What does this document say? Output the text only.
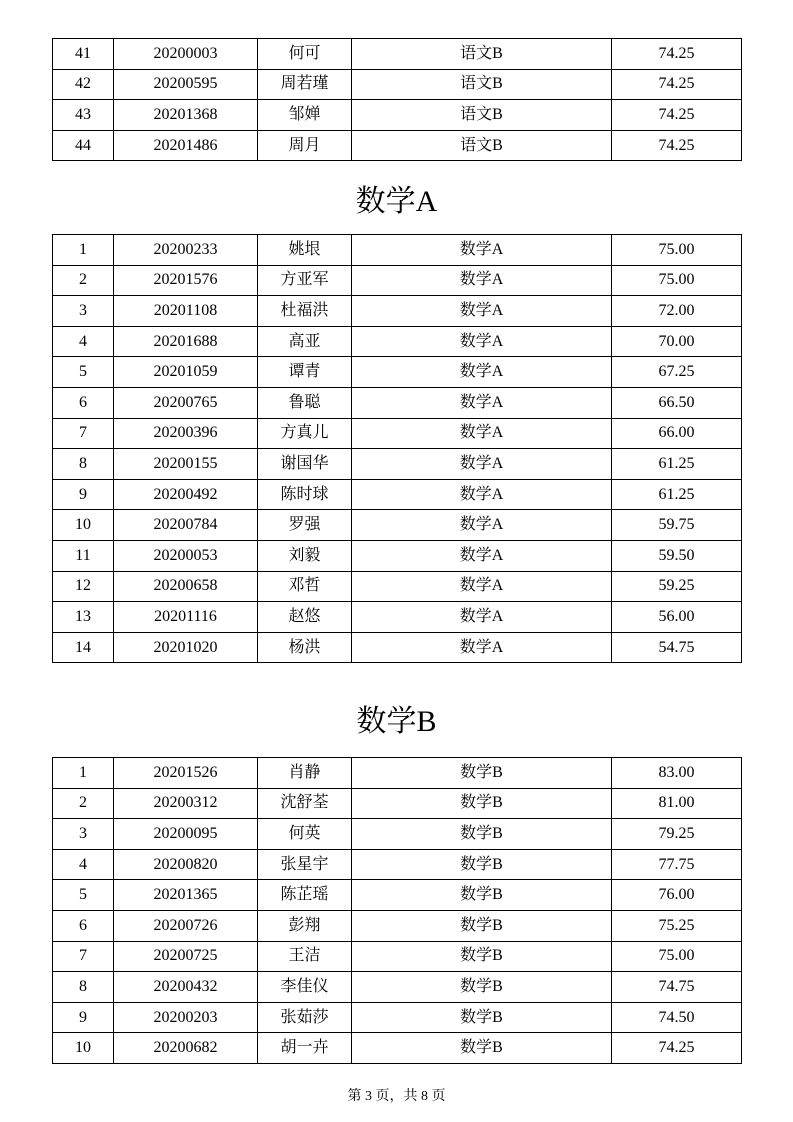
数学A
数学B
41	20200003	何可	语文B	74.25
42	20200595	周若瑾	语文B	74.25
43	20201368	邹婵	语文B	74.25
44	20201486	周月	语文B	74.25
1	20200233	姚垠	数学A	75.00
2	20201576	方亚军	数学A	75.00
3	20201108	杜福洪	数学A	72.00
4	20201688	高亚	数学A	70.00
5	20201059	谭青	数学A	67.25
6	20200765	鲁聪	数学A	66.50
7	20200396	方真儿	数学A	66.00
8	20200155	谢国华	数学A	61.25
9	20200492	陈时球	数学A	61.25
10	20200784	罗强	数学A	59.75
11	20200053	刘毅	数学A	59.50
12	20200658	邓哲	数学A	59.25
13	20201116	赵悠	数学A	56.00
14	20201020	杨洪	数学A	54.75
1	20201526	肖静	数学B	83.00
2	20200312	沈舒荃	数学B	81.00
3	20200095	何英	数学B	79.25
4	20200820	张星宇	数学B	77.75
5	20201365	陈芷瑶	数学B	76.00
6	20200726	彭翔	数学B	75.25
7	20200725	王洁	数学B	75.00
8	20200432	李佳仪	数学B	74.75
9	20200203	张茹莎	数学B	74.50
10	20200682	胡一卉	数学B	74.25
第 3 页，共 8 页
